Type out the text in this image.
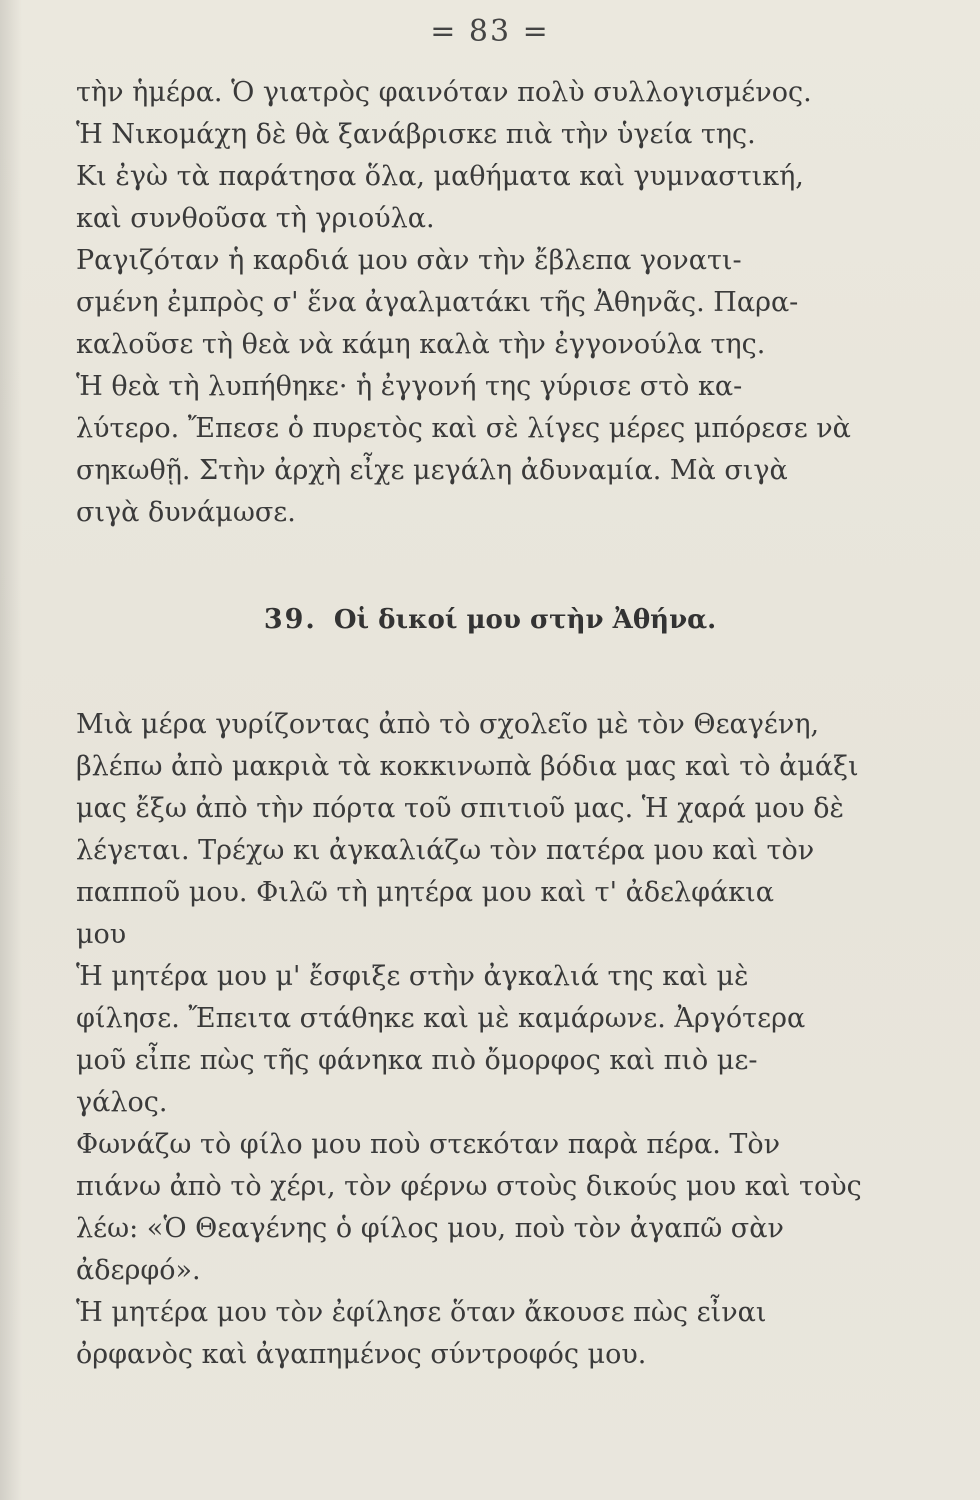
= 83 =
τὴν ἡμέρα. Ὁ γιατρὸς φαινόταν πολὺ συλλογισμένος.
Ἡ Νικομάχη δὲ θὰ ξανάβρισκε πιὰ τὴν ὑγεία της.
Κι ἐγὼ τὰ παράτησα ὅλα, μαθήματα καὶ γυμναστική,
καὶ συνθοῦσα τὴ γριούλα.
Ραγιζόταν ἡ καρδιά μου σὰν τὴν ἔβλεπα γονατι-
σμένη ἐμπρὸς σ' ἕνα ἀγαλματάκι τῆς Ἀθηνᾶς. Παρα-
καλοῦσε τὴ θεὰ νὰ κάμη καλὰ τὴν ἐγγονούλα της.
Ἡ θεὰ τὴ λυπήθηκε· ἡ ἐγγονή της γύρισε στὸ κα-
λύτερο. Ἔπεσε ὁ πυρετὸς καὶ σὲ λίγες μέρες μπόρεσε νὰ
σηκωθῇ. Στὴν ἀρχὴ εἶχε μεγάλη ἀδυναμία. Μὰ σιγὰ
σιγὰ δυνάμωσε.
39. Οἱ δικοί μου στὴν Ἀθήνα.
Μιὰ μέρα γυρίζοντας ἀπὸ τὸ σχολεῖο μὲ τὸν Θεαγένη,
βλέπω ἀπὸ μακριὰ τὰ κοκκινωπὰ βόδια μας καὶ τὸ ἀμάξι
μας ἔξω ἀπὸ τὴν πόρτα τοῦ σπιτιοῦ μας. Ἡ χαρά μου δὲ
λέγεται. Τρέχω κι ἀγκαλιάζω τὸν πατέρα μου καὶ τὸν
παπποῦ μου. Φιλῶ τὴ μητέρα μου καὶ τ' ἀδελφάκια
μου
Ἡ μητέρα μου μ' ἔσφιξε στὴν ἀγκαλιά της καὶ μὲ
φίλησε. Ἔπειτα στάθηκε καὶ μὲ καμάρωνε. Ἀργότερα
μοῦ εἶπε πὼς τῆς φάνηκα πιὸ ὄμορφος καὶ πιὸ με-
γάλος.
Φωνάζω τὸ φίλο μου ποὺ στεκόταν παρὰ πέρα. Τὸν
πιάνω ἀπὸ τὸ χέρι, τὸν φέρνω στοὺς δικούς μου καὶ τοὺς
λέω: «Ὁ Θεαγένης ὁ φίλος μου, ποὺ τὸν ἀγαπῶ σὰν
ἀδερφό».
Ἡ μητέρα μου τὸν ἐφίλησε ὅταν ἄκουσε πὼς εἶναι
ὀρφανὸς καὶ ἀγαπημένος σύντροφός μου.
